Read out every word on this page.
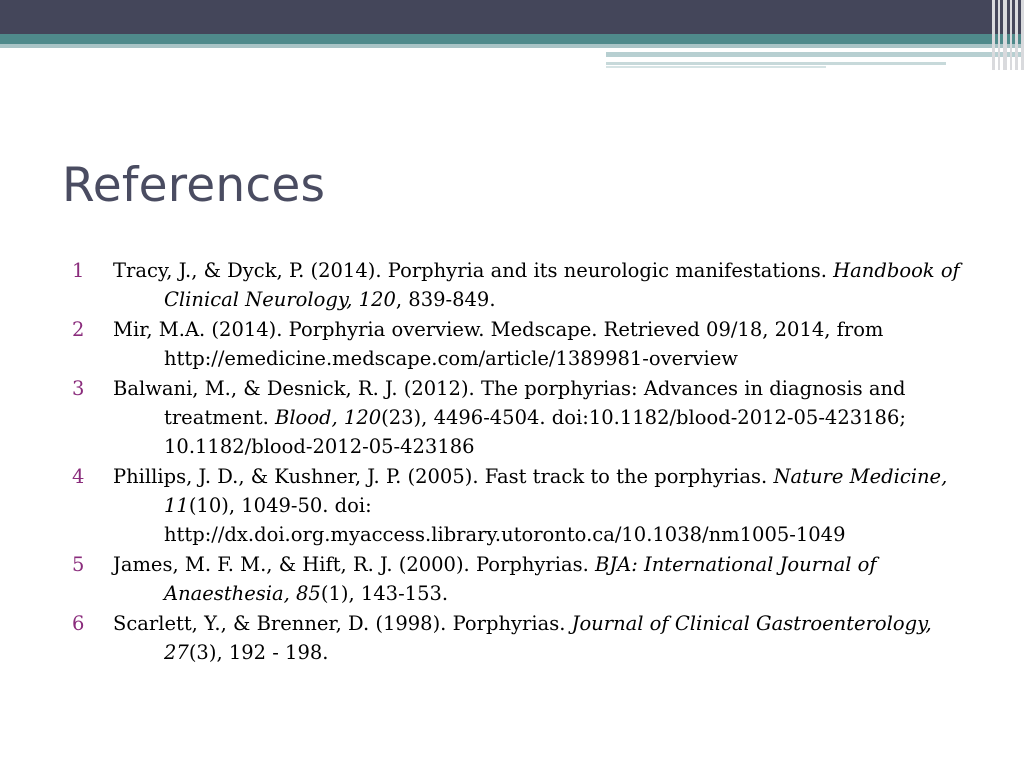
References
1 Tracy, J., & Dyck, P. (2014). Porphyria and its neurologic manifestations. Handbook of Clinical Neurology, 120, 839-849.
2 Mir, M.A. (2014). Porphyria overview. Medscape. Retrieved 09/18, 2014, from http://emedicine.medscape.com/article/1389981-overview
3 Balwani, M., & Desnick, R. J. (2012). The porphyrias: Advances in diagnosis and treatment. Blood, 120(23), 4496-4504. doi:10.1182/blood-2012-05-423186; 10.1182/blood-2012-05-423186
4 Phillips, J. D., & Kushner, J. P. (2005). Fast track to the porphyrias. Nature Medicine, 11(10), 1049-50. doi: http://dx.doi.org.myaccess.library.utoronto.ca/10.1038/nm1005-1049
5 James, M. F. M., & Hift, R. J. (2000). Porphyrias. BJA: International Journal of Anaesthesia, 85(1), 143-153.
6 Scarlett, Y., & Brenner, D. (1998). Porphyrias. Journal of Clinical Gastroenterology, 27(3), 192 - 198.
